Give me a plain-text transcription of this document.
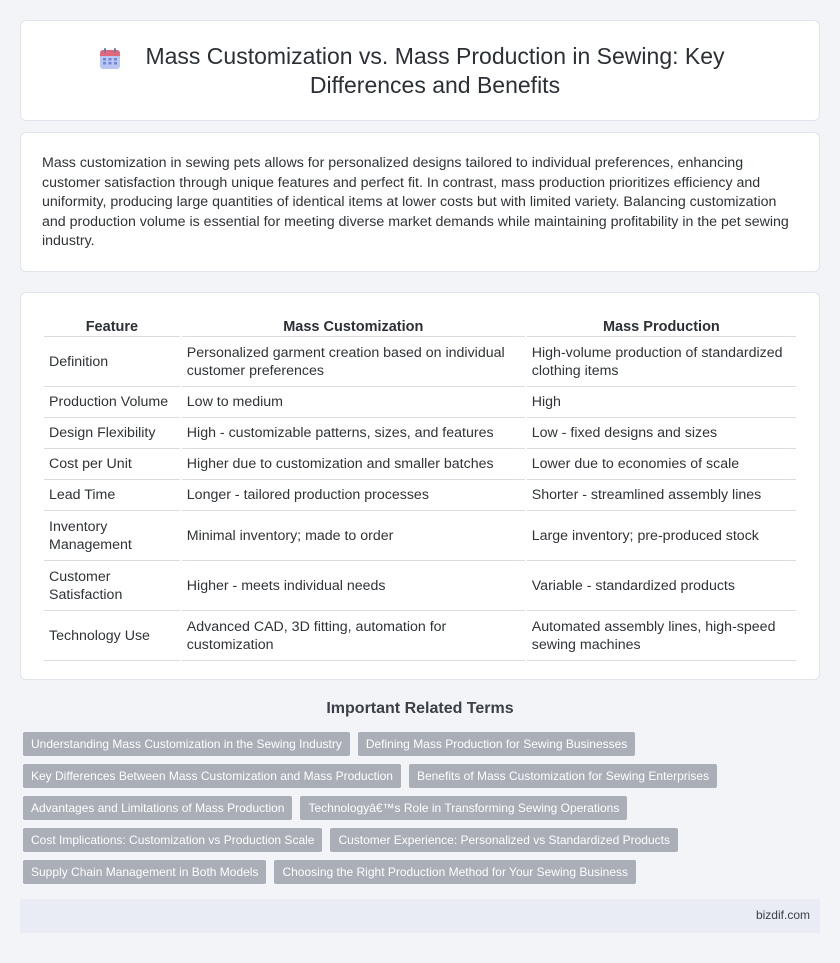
Mass Customization vs. Mass Production in Sewing: Key Differences and Benefits

Mass customization in sewing pets allows for personalized designs tailored to individual preferences, enhancing customer satisfaction through unique features and perfect fit. In contrast, mass production prioritizes efficiency and uniformity, producing large quantities of identical items at lower costs but with limited variety. Balancing customization and production volume is essential for meeting diverse market demands while maintaining profitability in the pet sewing industry.

Feature	Mass Customization	Mass Production
Definition	Personalized garment creation based on individual customer preferences	High-volume production of standardized clothing items
Production Volume	Low to medium	High
Design Flexibility	High - customizable patterns, sizes, and features	Low - fixed designs and sizes
Cost per Unit	Higher due to customization and smaller batches	Lower due to economies of scale
Lead Time	Longer - tailored production processes	Shorter - streamlined assembly lines
Inventory Management	Minimal inventory; made to order	Large inventory; pre-produced stock
Customer Satisfaction	Higher - meets individual needs	Variable - standardized products
Technology Use	Advanced CAD, 3D fitting, automation for customization	Automated assembly lines, high-speed sewing machines
Important Related Terms
Understanding Mass Customization in the Sewing Industry	Defining Mass Production for Sewing Businesses
Key Differences Between Mass Customization and Mass Production	Benefits of Mass Customization for Sewing Enterprises
Advantages and Limitations of Mass Production	Technologyâ€™s Role in Transforming Sewing Operations
Cost Implications: Customization vs Production Scale	Customer Experience: Personalized vs Standardized Products
Supply Chain Management in Both Models	Choosing the Right Production Method for Your Sewing Business
bizdif.com
